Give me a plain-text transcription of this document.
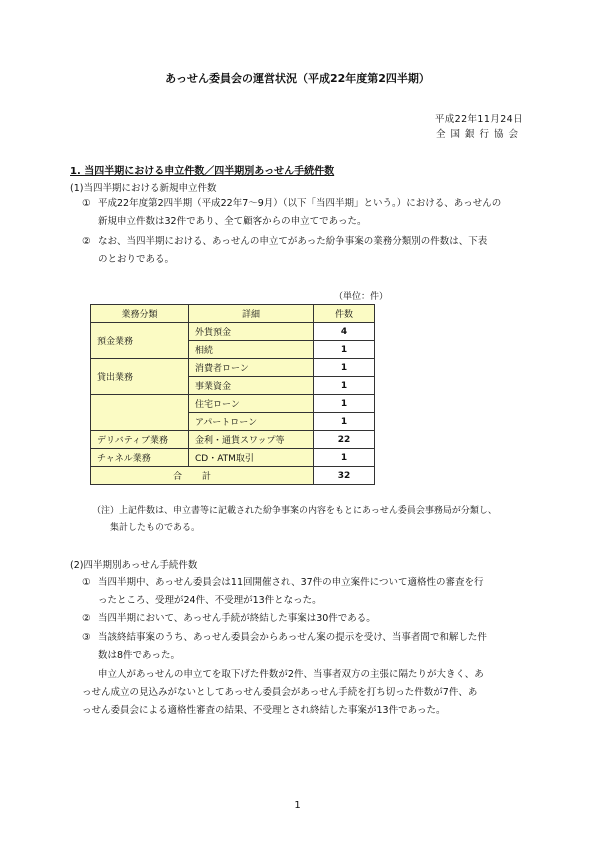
あっせん委員会の運営状況（平成22年度第2四半期）
平成22年11月24日
全国銀行協会
1. 当四半期における申立件数／四半期別あっせん手続件数
(1)当四半期における新規申立件数
① 平成22年度第2四半期（平成22年7～9月）（以下「当四半期」という。）における、あっせんの
新規申立件数は32件であり、全て顧客からの申立てであった。
② なお、当四半期における、あっせんの申立てがあった紛争事案の業務分類別の件数は、下表
のとおりである。
（単位：件）
業務分類	詳細	件数
預金業務	外貨預金	4
	相続	1
貸出業務	消費者ローン	1
	事業資金	1
	住宅ローン	1
	アパートローン	1
デリバティブ業務	金利・通貨スワップ等	22
チャネル業務	CD・ATM取引	1
合計		32
（注）上記件数は、申立書等に記載された紛争事案の内容をもとにあっせん委員会事務局が分類し、
集計したものである。
(2)四半期別あっせん手続件数
① 当四半期中、あっせん委員会は11回開催され、37件の申立案件について適格性の審査を行
ったところ、受理が24件、不受理が13件となった。
② 当四半期において、あっせん手続が終結した事案は30件である。
③ 当該終結事案のうち、あっせん委員会からあっせん案の提示を受け、当事者間で和解した件
数は8件であった。
申立人があっせんの申立てを取下げた件数が2件、当事者双方の主張に隔たりが大きく、あ
っせん成立の見込みがないとしてあっせん委員会があっせん手続を打ち切った件数が7件、あ
っせん委員会による適格性審査の結果、不受理とされ終結した事案が13件であった。
1
